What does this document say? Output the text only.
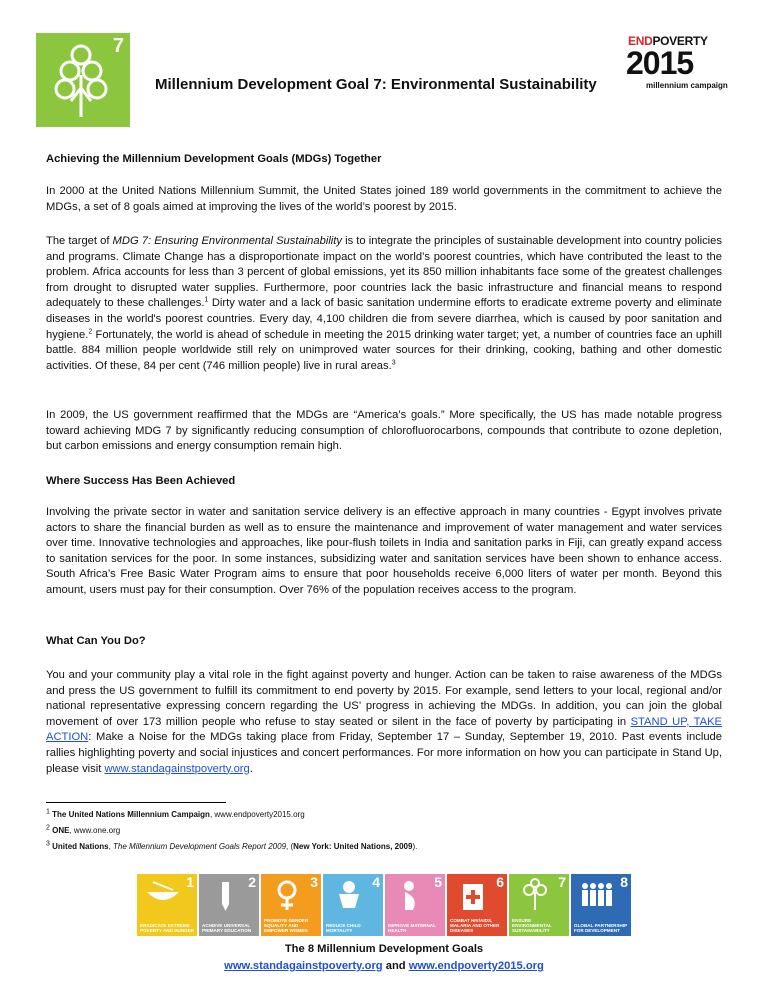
7
Millennium Development Goal 7: Environmental Sustainability
ENDPOVERTY
2015
millennium campaign
Achieving the Millennium Development Goals (MDGs) Together

In 2000 at the United Nations Millennium Summit, the United States joined 189 world governments in the commitment to achieve the MDGs, a set of 8 goals aimed at improving the lives of the world’s poorest by 2015.

The target of MDG 7: Ensuring Environmental Sustainability is to integrate the principles of sustainable development into country policies and programs. Climate Change has a disproportionate impact on the world’s poorest countries, which have contributed the least to the problem. Africa accounts for less than 3 percent of global emissions, yet its 850 million inhabitants face some of the greatest challenges from drought to disrupted water supplies. Furthermore, poor countries lack the basic infrastructure and financial means to respond adequately to these challenges.$^1$ Dirty water and a lack of basic sanitation undermine efforts to eradicate extreme poverty and eliminate diseases in the world's poorest countries. Every day, 4,100 children die from severe diarrhea, which is caused by poor sanitation and hygiene.$^2$ Fortunately, the world is ahead of schedule in meeting the 2015 drinking water target; yet, a number of countries face an uphill battle. 884 million people worldwide still rely on unimproved water sources for their drinking, cooking, bathing and other domestic activities. Of these, 84 per cent (746 million people) live in rural areas.$^3$

In 2009, the US government reaffirmed that the MDGs are “America’s goals.” More specifically, the US has made notable progress toward achieving MDG 7 by significantly reducing consumption of chlorofluorocarbons, compounds that contribute to ozone depletion, but carbon emissions and energy consumption remain high.

Where Success Has Been Achieved

Involving the private sector in water and sanitation service delivery is an effective approach in many countries - Egypt involves private actors to share the financial burden as well as to ensure the maintenance and improvement of water management and water services over time. Innovative technologies and approaches, like pour-flush toilets in India and sanitation parks in Fiji, can greatly expand access to sanitation services for the poor. In some instances, subsidizing water and sanitation services have been shown to enhance access. South Africa’s Free Basic Water Program aims to ensure that poor households receive 6,000 liters of water per month. Beyond this amount, users must pay for their consumption. Over 76% of the population receives access to the program.

What Can You Do?

You and your community play a vital role in the fight against poverty and hunger. Action can be taken to raise awareness of the MDGs and press the US government to fulfill its commitment to end poverty by 2015. For example, send letters to your local, regional and/or national representative expressing concern regarding the US’ progress in achieving the MDGs. In addition, you can join the global movement of over 173 million people who refuse to stay seated or silent in the face of poverty by participating in STAND UP, TAKE ACTION: Make a Noise for the MDGs taking place from Friday, September 17 – Sunday, September 19, 2010. Past events include rallies highlighting poverty and social injustices and concert performances. For more information on how you can participate in Stand Up, please visit www.standagainstpoverty.org.

$^1$ The United Nations Millennium Campaign, www.endpoverty2015.org
$^2$ ONE, www.one.org
$^3$ United Nations, The Millennium Development Goals Report 2009, (New York: United Nations, 2009).
1
ERADICATE EXTREME POVERTY AND HUNGER
2
ACHIEVE UNIVERSAL PRIMARY EDUCATION
3
PROMOTE GENDER EQUALITY AND EMPOWER WOMEN
4
REDUCE CHILD MORTALITY
5
IMPROVE MATERNAL HEALTH
6
COMBAT HIV/AIDS, MALARIA AND OTHER DISEASES
7
ENSURE ENVIRONMENTAL SUSTAINABILITY
8
GLOBAL PARTNERSHIP FOR DEVELOPMENT
The 8 Millennium Development Goals
www.standagainstpoverty.org and www.endpoverty2015.org
